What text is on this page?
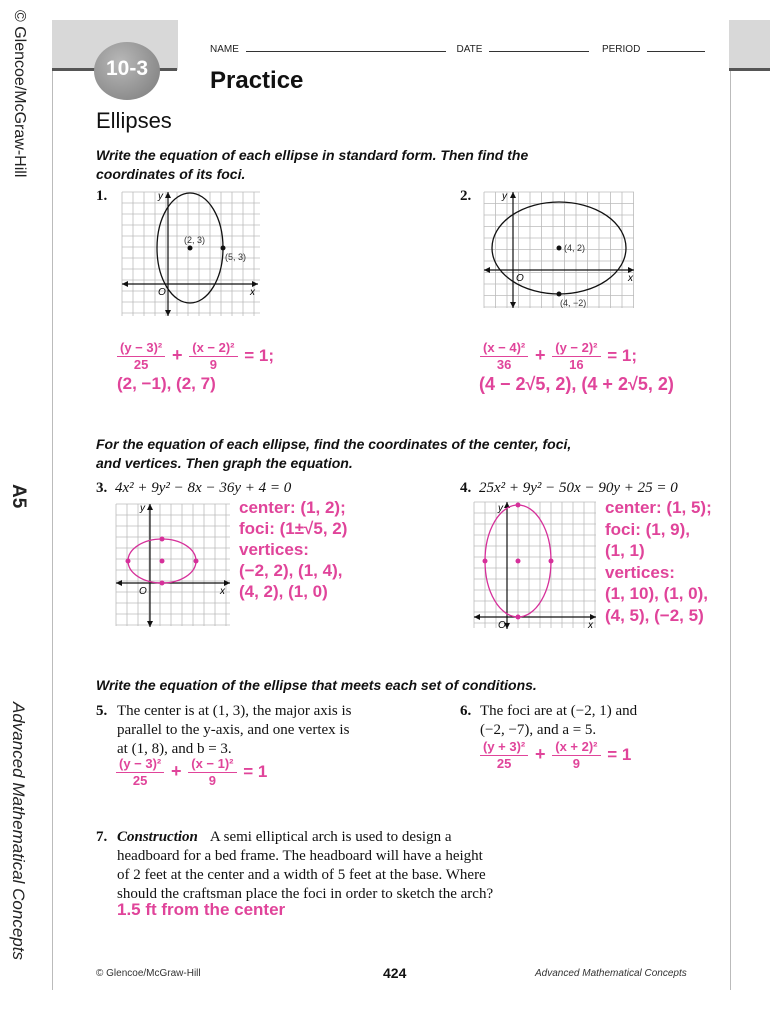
© Glencoe/McGraw-Hill
A5
Advanced Mathematical Concepts
10-3
NAME	DATE	PERIOD
Practice
Ellipses
Write the equation of each ellipse in standard form. Then find the coordinates of its foci.
1.
(2, 3)
(5, 3)
y
x
O
$\frac{\text{(y − 3)²}}{25} + \frac{\text{(x − 2)²}}{9} = 1$;
(2, −1), (2, 7)
2.
(4, 2)
(4, −2)
y
x
O
$\frac{\text{(x − 4)²}}{36} + \frac{\text{(y − 2)²}}{16} = 1$;
(4 − 2√5, 2), (4 + 2√5, 2)
For the equation of each ellipse, find the coordinates of the center, foci, and vertices. Then graph the equation.
3. 4x² + 9y² − 8x − 36y + 4 = 0
y
x
O
center: (1, 2);
foci: (1±√5, 2)
vertices:
(−2, 2), (1, 4),
(4, 2), (1, 0)
4. 25x² + 9y² − 50x − 90y + 25 = 0
y
x
O
center: (1, 5);
foci: (1, 9),
(1, 1)
vertices:
(1, 10), (1, 0),
(4, 5), (−2, 5)
Write the equation of the ellipse that meets each set of conditions.
5. The center is at (1, 3), the major axis is
parallel to the y-axis, and one vertex is
at (1, 8), and b = 3.
$\frac{\text{(y − 3)²}}{25} + \frac{\text{(x − 1)²}}{9} = 1$
6. The foci are at (−2, 1) and
(−2, −7), and a = 5.
$\frac{\text{(y + 3)²}}{25} + \frac{\text{(x + 2)²}}{9} = 1$
7. Construction A semi elliptical arch is used to design a
headboard for a bed frame. The headboard will have a height
of 2 feet at the center and a width of 5 feet at the base. Where
should the craftsman place the foci in order to sketch the arch?
1.5 ft from the center
© Glencoe/McGraw-Hill	424	Advanced Mathematical Concepts
